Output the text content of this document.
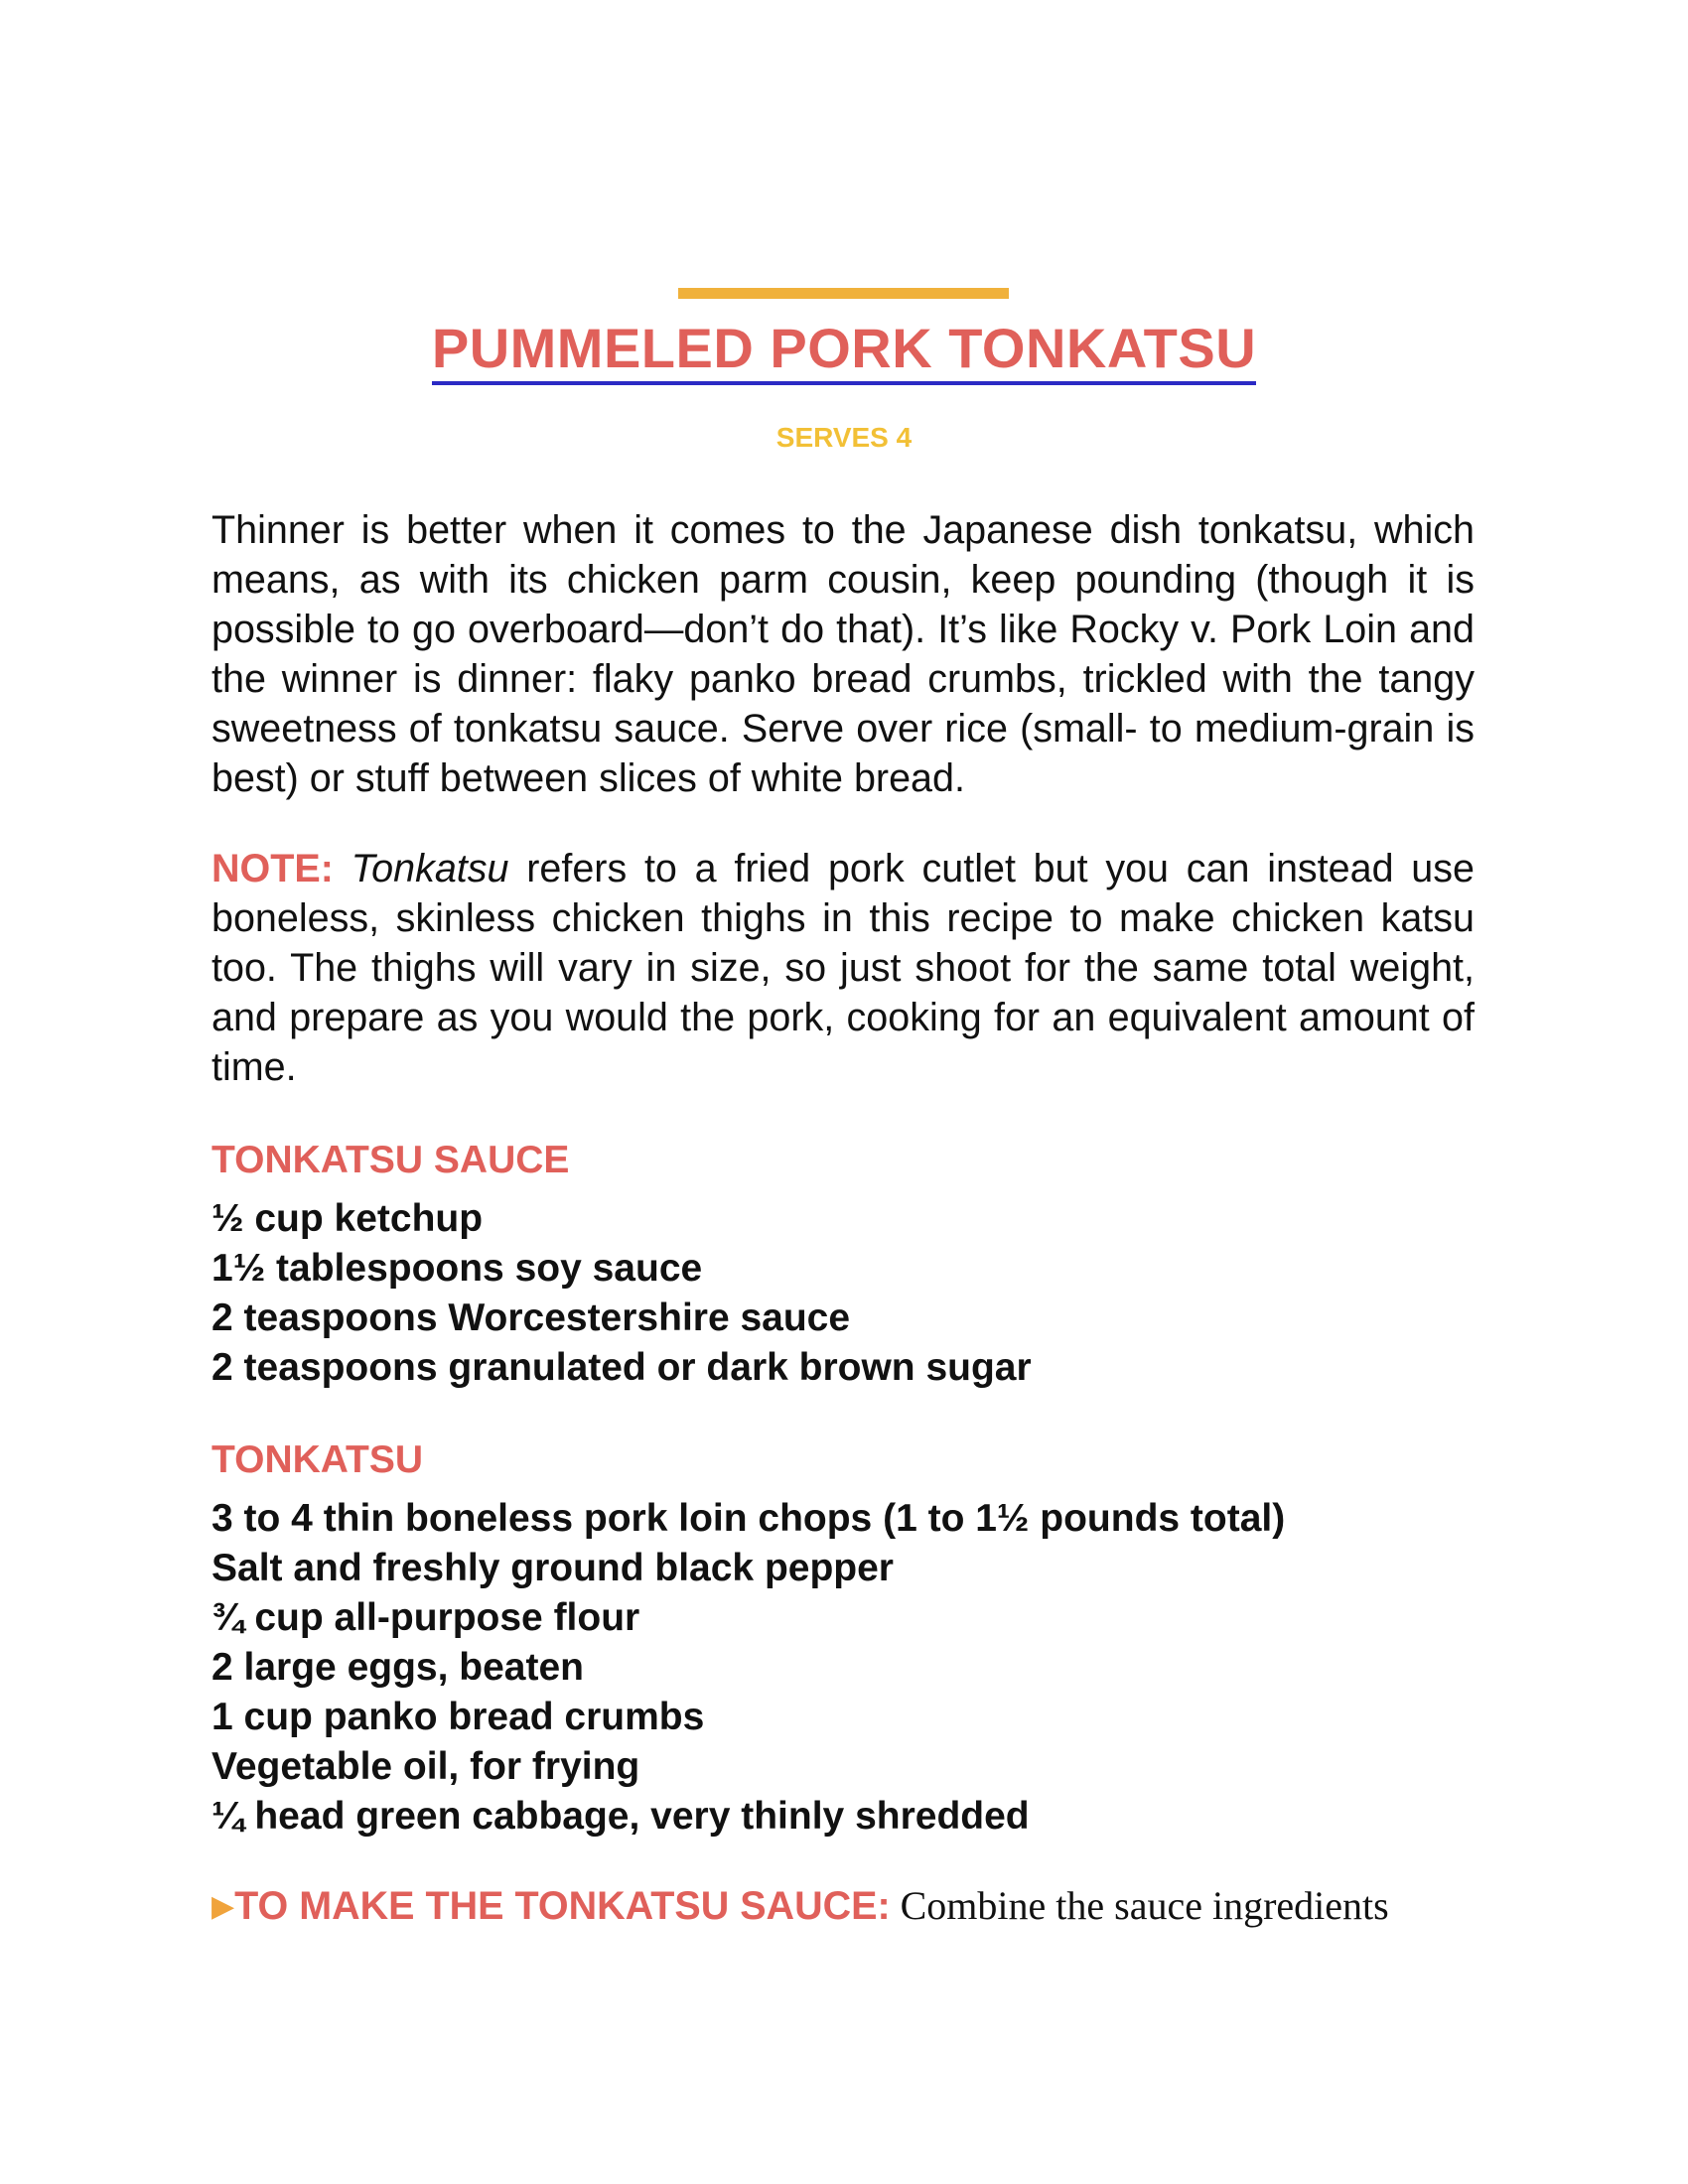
PUMMELED PORK TONKATSU
SERVES 4

Thinner is better when it comes to the Japanese dish tonkatsu, which means, as with its chicken parm cousin, keep pounding (though it is possible to go overboard—don’t do that). It’s like Rocky v. Pork Loin and the winner is dinner: flaky panko bread crumbs, trickled with the tangy sweetness of tonkatsu sauce. Serve over rice (small- to medium-grain is best) or stuff between slices of white bread.

NOTE: Tonkatsu refers to a fried pork cutlet but you can instead use boneless, skinless chicken thighs in this recipe to make chicken katsu too. The thighs will vary in size, so just shoot for the same total weight, and prepare as you would the pork, cooking for an equivalent amount of time.

TONKATSU SAUCE
½ cup ketchup
1½ tablespoons soy sauce
2 teaspoons Worcestershire sauce
2 teaspoons granulated or dark brown sugar
TONKATSU
3 to 4 thin boneless pork loin chops (1 to 1½ pounds total)
Salt and freshly ground black pepper
¾ cup all-purpose flour
2 large eggs, beaten
1 cup panko bread crumbs
Vegetable oil, for frying
¼ head green cabbage, very thinly shredded

▶TO MAKE THE TONKATSU SAUCE: Combine the sauce ingredients
